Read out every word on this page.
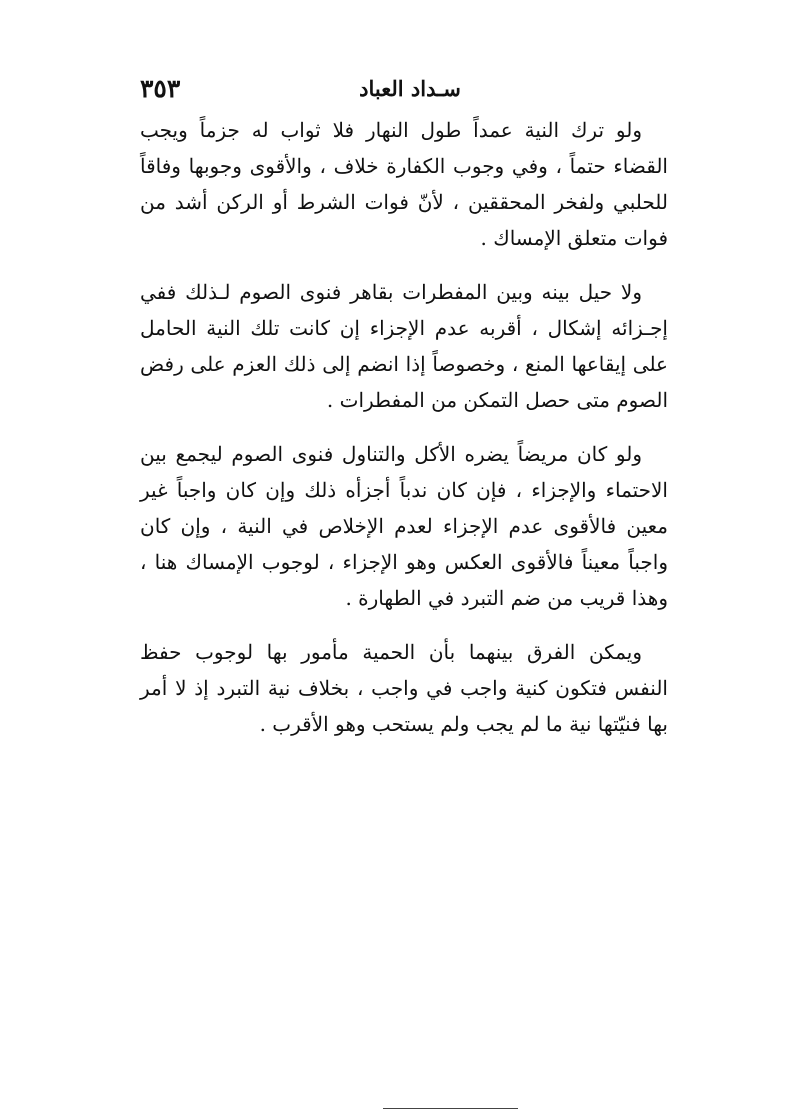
٣٥٣	سـداد العباد

ولو ترك النية عمداً طول النهار فلا ثواب له جزماً ويجب القضاء حتماً ، وفي وجوب الكفارة خلاف ، والأقوى وجوبها وفاقاً للحلبي ولفخر المحققين ، لأنّ فوات الشرط أو الركن أشد من فوات متعلق الإمساك .

ولا حيل بينه وبين المفطرات بقاهر فنوى الصوم لـذلك ففي إجـزائه إشكال ، أقربه عدم الإجزاء إن كانت تلك النية الحامل على إيقاعها المنع ، وخصوصاً إذا انضم إلى ذلك العزم على رفض الصوم متى حصل التمكن من المفطرات .

ولو كان مريضاً يضره الأكل والتناول فنوى الصوم ليجمع بين الاحتماء والإجزاء ، فإن كان ندباً أجزأه ذلك وإن كان واجباً غير معين فالأقوى عدم الإجزاء لعدم الإخلاص في النية ، وإن كان واجباً معيناً فالأقوى العكس وهو الإجزاء ، لوجوب الإمساك هنا ، وهذا قريب من ضم التبرد في الطهارة .

ويمكن الفرق بينهما بأن الحمية مأمور بها لوجوب حفظ النفس فتكون كنية واجب في واجب ، بخلاف نية التبرد إذ لا أمر بها فنيّتها نية ما لم يجب ولم يستحب وهو الأقرب .
